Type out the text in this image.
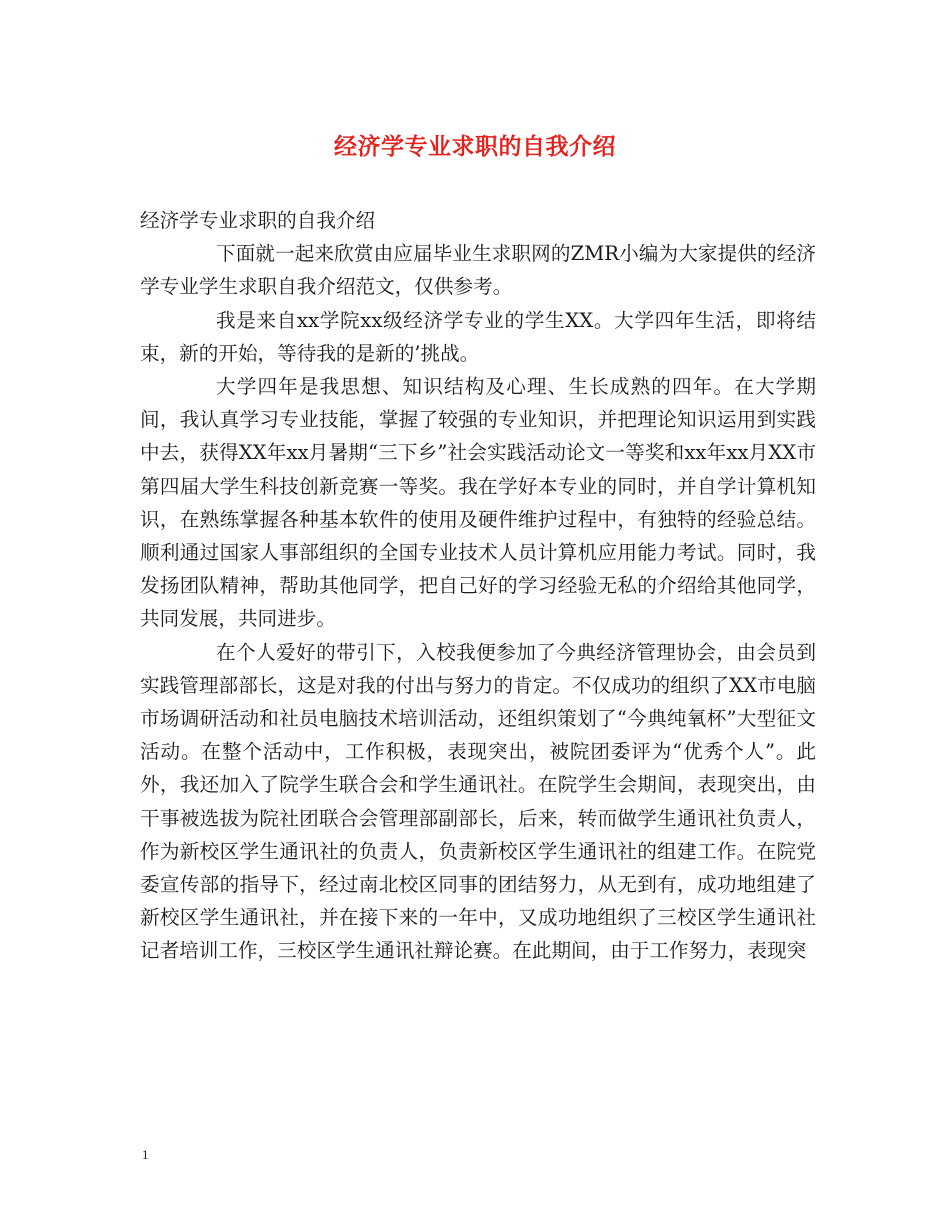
经济学专业求职的自我介绍

经济学专业求职的自我介绍

下面就一起来欣赏由应届毕业生求职网的ZMR小编为大家提供的经济学专业学生求职自我介绍范文，仅供参考。

我是来自xx学院xx级经济学专业的学生XX。大学四年生活，即将结束，新的开始，等待我的是新的’挑战。

大学四年是我思想、知识结构及心理、生长成熟的四年。在大学期间，我认真学习专业技能，掌握了较强的专业知识，并把理论知识运用到实践中去，获得XX年xx月暑期“三下乡”社会实践活动论文一等奖和xx年xx月XX市第四届大学生科技创新竞赛一等奖。我在学好本专业的同时，并自学计算机知识，在熟练掌握各种基本软件的使用及硬件维护过程中，有独特的经验总结。顺利通过国家人事部组织的全国专业技术人员计算机应用能力考试。同时，我发扬团队精神，帮助其他同学，把自己好的学习经验无私的介绍给其他同学，共同发展，共同进步。

在个人爱好的带引下，入校我便参加了今典经济管理协会，由会员到实践管理部部长，这是对我的付出与努力的肯定。不仅成功的组织了XX市电脑市场调研活动和社员电脑技术培训活动，还组织策划了“今典纯氧杯”大型征文活动。在整个活动中，工作积极，表现突出，被院团委评为“优秀个人”。此外，我还加入了院学生联合会和学生通讯社。在院学生会期间，表现突出，由干事被选拔为院社团联合会管理部副部长，后来，转而做学生通讯社负责人，作为新校区学生通讯社的负责人，负责新校区学生通讯社的组建工作。在院党委宣传部的指导下，经过南北校区同事的团结努力，从无到有，成功地组建了新校区学生通讯社，并在接下来的一年中，又成功地组织了三校区学生通讯社记者培训工作，三校区学生通讯社辩论赛。在此期间，由于工作努力，表现突

1
